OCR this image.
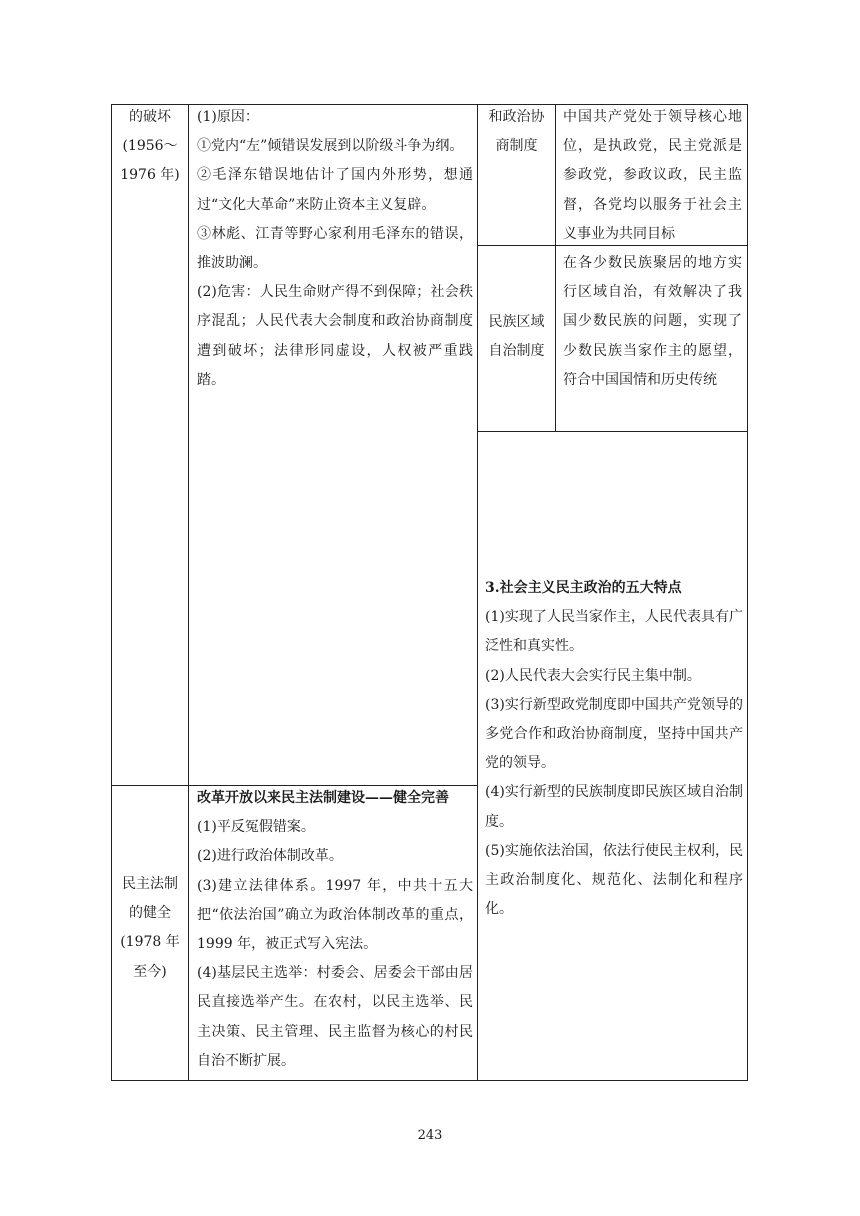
的破坏

(1956～

1976 年)

(1)原因：

①党内“左”倾错误发展到以阶级斗争为纲。

②毛泽东错误地估计了国内外形势，想通过“文化大革命”来防止资本主义复辟。

③林彪、江青等野心家利用毛泽东的错误，推波助澜。

(2)危害：人民生命财产得不到保障；社会秩序混乱；人民代表大会制度和政治协商制度遭到破坏；法律形同虚设，人权被严重践踏。

民主法制

的健全

(1978 年

至今)

改革开放以来民主法制建设——健全完善

(1)平反冤假错案。

(2)进行政治体制改革。

(3)建立法律体系。1997 年，中共十五大把“依法治国”确立为政治体制改革的重点，1999 年，被正式写入宪法。

(4)基层民主选举：村委会、居委会干部由居民直接选举产生。在农村，以民主选举、民主决策、民主管理、民主监督为核心的村民自治不断扩展。

和政治协

商制度

中国共产党处于领导核心地位，是执政党，民主党派是参政党，参政议政，民主监督，各党均以服务于社会主义事业为共同目标

民族区域

自治制度

在各少数民族聚居的地方实行区域自治，有效解决了我国少数民族的问题，实现了少数民族当家作主的愿望，符合中国国情和历史传统

3.社会主义民主政治的五大特点

(1)实现了人民当家作主，人民代表具有广泛性和真实性。

(2)人民代表大会实行民主集中制。

(3)实行新型政党制度即中国共产党领导的多党合作和政治协商制度，坚持中国共产党的领导。

(4)实行新型的民族制度即民族区域自治制度。

(5)实施依法治国，依法行使民主权利，民主政治制度化、规范化、法制化和程序化。

243
